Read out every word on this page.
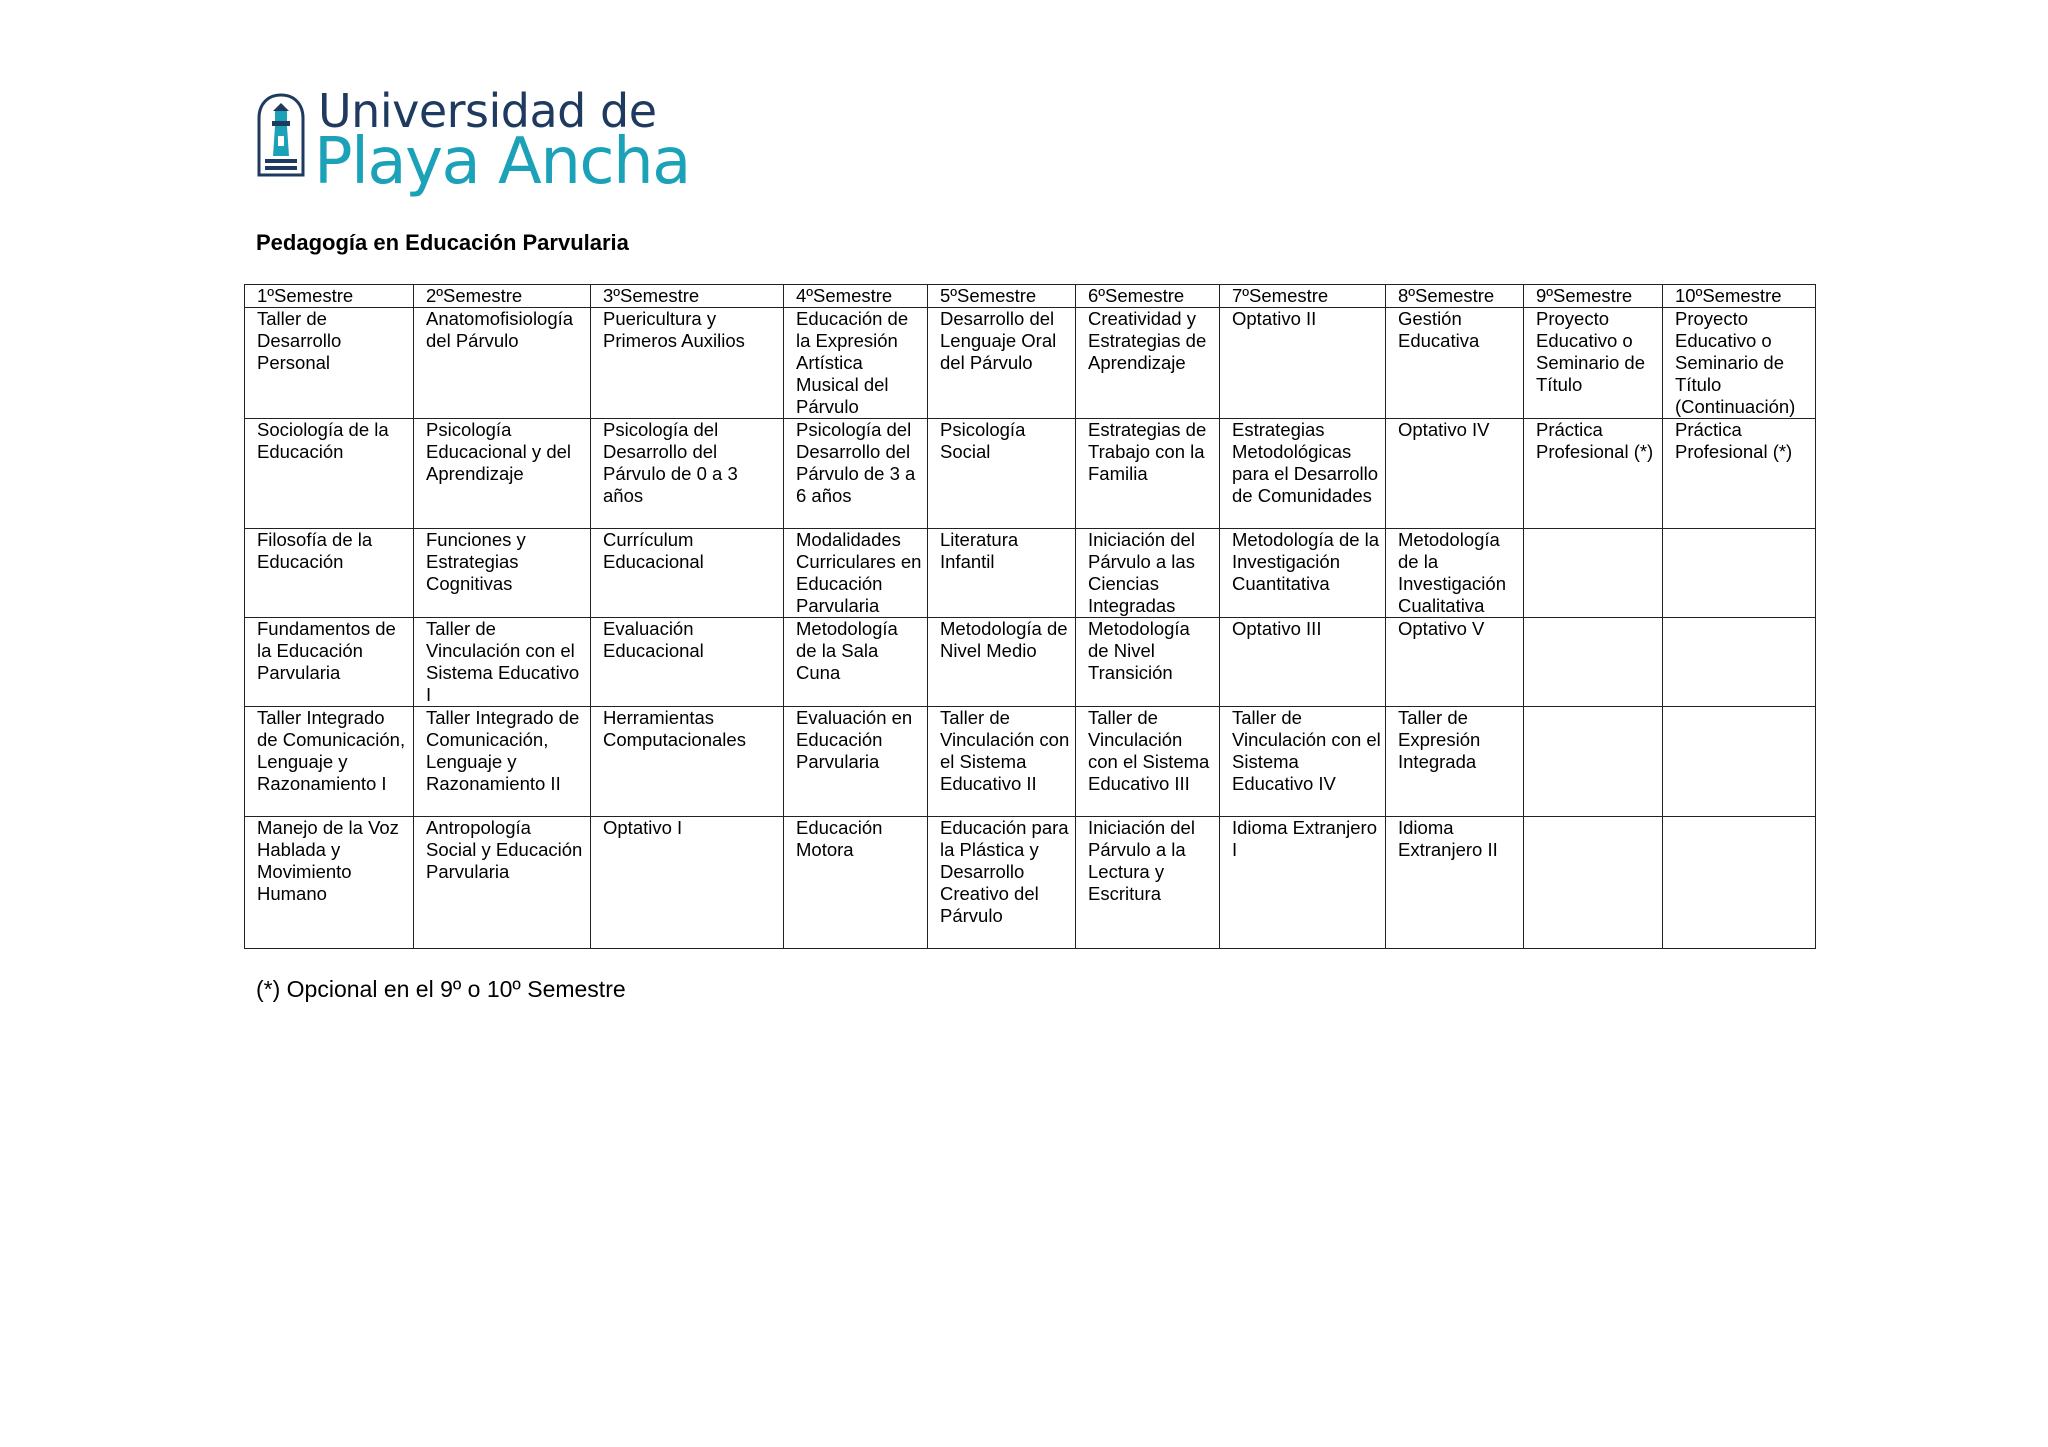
Universidad de
Playa Ancha
Pedagogía en Educación Parvularia
1ºSemestre	2ºSemestre	3ºSemestre	4ºSemestre	5ºSemestre	6ºSemestre	7ºSemestre	8ºSemestre	9ºSemestre	10ºSemestre
Taller de Desarrollo Personal	Anatomofisiología del Párvulo	Puericultura y Primeros Auxilios	Educación de la Expresión Artística Musical del Párvulo	Desarrollo del Lenguaje Oral del Párvulo	Creatividad y Estrategias de Aprendizaje	Optativo II	Gestión Educativa	Proyecto Educativo o Seminario de Título	Proyecto Educativo o Seminario de Título (Continuación)
Sociología de la Educación	Psicología Educacional y del Aprendizaje	Psicología del Desarrollo del Párvulo de 0 a 3 años	Psicología del Desarrollo del Párvulo de 3 a 6 años	Psicología Social	Estrategias de Trabajo con la Familia	Estrategias Metodológicas para el Desarrollo de Comunidades	Optativo IV	Práctica Profesional (*)	Práctica Profesional (*)
Filosofía de la Educación	Funciones y Estrategias Cognitivas	Currículum Educacional	Modalidades Curriculares en Educación Parvularia	Literatura Infantil	Iniciación del Párvulo a las Ciencias Integradas	Metodología de la Investigación Cuantitativa	Metodología de la Investigación Cualitativa		
Fundamentos de la Educación Parvularia	Taller de Vinculación con el Sistema Educativo I	Evaluación Educacional	Metodología de la Sala Cuna	Metodología de Nivel Medio	Metodología de Nivel Transición	Optativo III	Optativo V		
Taller Integrado de Comunicación, Lenguaje y Razonamiento I	Taller Integrado de Comunicación, Lenguaje y Razonamiento II	Herramientas Computacionales	Evaluación en Educación Parvularia	Taller de Vinculación con el Sistema Educativo II	Taller de Vinculación con el Sistema Educativo III	Taller de Vinculación con el Sistema Educativo IV	Taller de Expresión Integrada		
Manejo de la Voz Hablada y Movimiento Humano	Antropología Social y Educación Parvularia	Optativo I	Educación Motora	Educación para la Plástica y Desarrollo Creativo del Párvulo	Iniciación del Párvulo a la Lectura y Escritura	Idioma Extranjero I	Idioma Extranjero II		
(*) Opcional en el 9º o 10º Semestre
